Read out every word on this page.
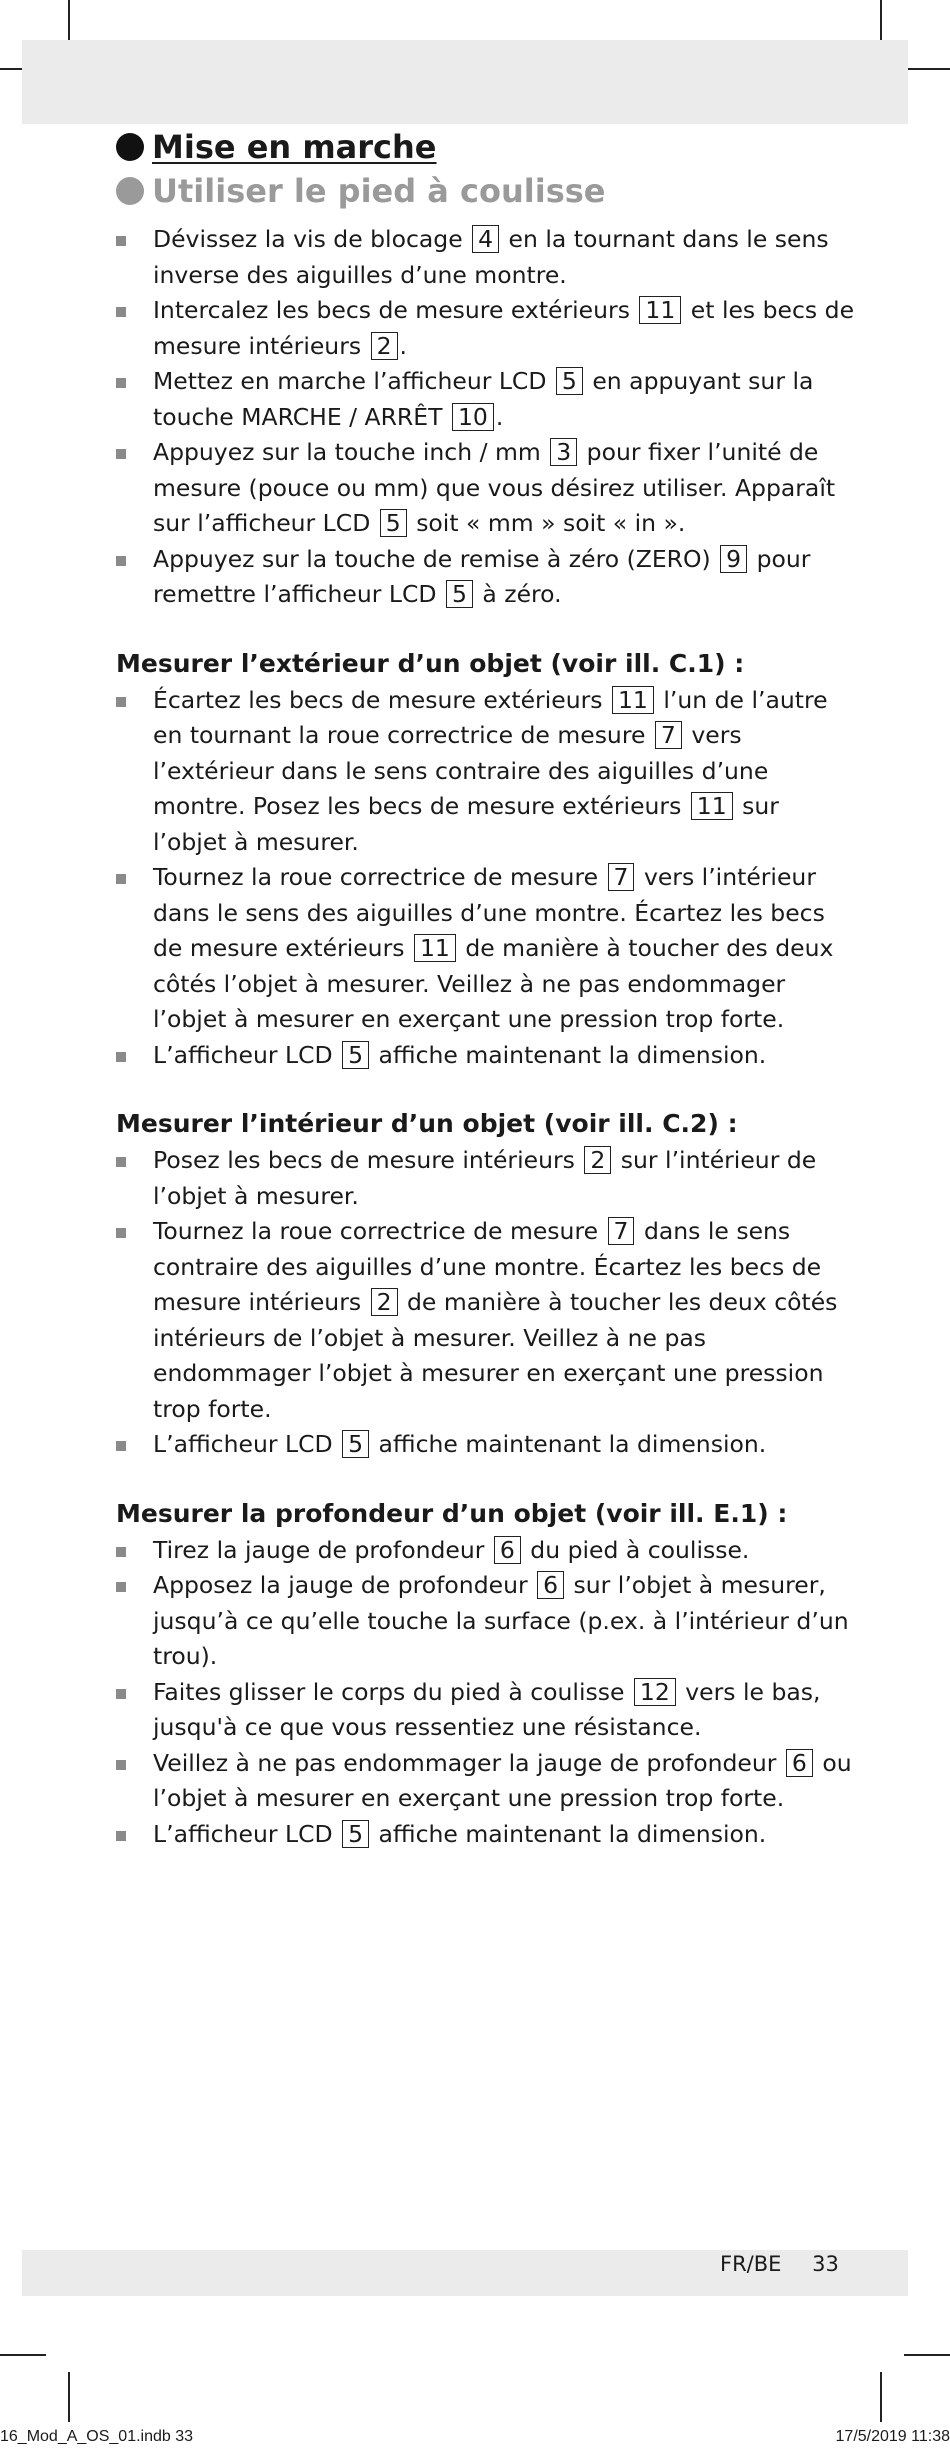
Mise en marche
Utiliser le pied à coulisse
Dévissez la vis de blocage 4 en la tournant dans le sens inverse des aiguilles d’une montre.
Intercalez les becs de mesure extérieurs 11 et les becs de mesure intérieurs 2 .
Mettez en marche l’afficheur LCD 5 en appuyant sur la touche MARCHE / ARRÊT 10 .
Appuyez sur la touche inch / mm 3 pour fixer l’unité de mesure (pouce ou mm) que vous désirez utiliser. Apparaît sur l’afficheur LCD 5 soit « mm » soit « in ».
Appuyez sur la touche de remise à zéro (ZERO) 9 pour remettre l’afficheur LCD 5 à zéro.
Mesurer l’extérieur d’un objet (voir ill. C.1) :
Écartez les becs de mesure extérieurs 11 l’un de l’autre en tournant la roue correctrice de mesure 7 vers l’extérieur dans le sens contraire des aiguilles d’une montre. Posez les becs de mesure extérieurs 11 sur l’objet à mesurer.
Tournez la roue correctrice de mesure 7 vers l’intérieur dans le sens des aiguilles d’une montre. Écartez les becs de mesure extérieurs 11 de manière à toucher des deux côtés l’objet à mesurer. Veillez à ne pas endommager l’objet à mesurer en exerçant une pression trop forte.
L’afficheur LCD 5 affiche maintenant la dimension.
Mesurer l’intérieur d’un objet (voir ill. C.2) :
Posez les becs de mesure intérieurs 2 sur l’intérieur de l’objet à mesurer.
Tournez la roue correctrice de mesure 7 dans le sens contraire des aiguilles d’une montre. Écartez les becs de mesure intérieurs 2 de manière à toucher les deux côtés intérieurs de l’objet à mesurer. Veillez à ne pas endommager l’objet à mesurer en exerçant une pression trop forte.
L’afficheur LCD 5 affiche maintenant la dimension.
Mesurer la profondeur d’un objet (voir ill. E.1) :
Tirez la jauge de profondeur 6 du pied à coulisse.
Apposez la jauge de profondeur 6 sur l’objet à mesurer, jusqu’à ce qu’elle touche la surface (p.ex. à l’intérieur d’un trou).
Faites glisser le corps du pied à coulisse 12 vers le bas, jusqu'à ce que vous ressentiez une résistance.
Veillez à ne pas endommager la jauge de profondeur 6 ou l’objet à mesurer en exerçant une pression trop forte.
L’afficheur LCD 5 affiche maintenant la dimension.
FR/BE 33
16_Mod_A_OS_01.indb 33	17/5/2019 11:38
